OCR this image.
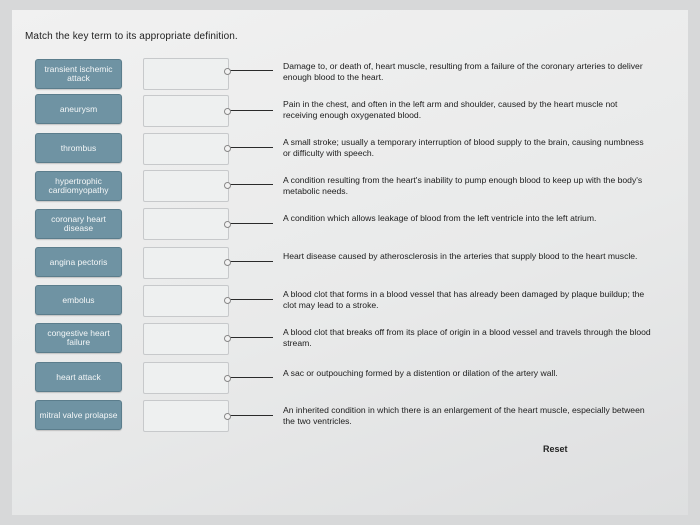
Match the key term to its appropriate definition.
transient ischemic attack
aneurysm
thrombus
hypertrophic cardiomyopathy
coronary heart disease
angina pectoris
embolus
congestive heart failure
heart attack
mitral valve prolapse
Damage to, or death of, heart muscle, resulting from a failure of the coronary arteries to deliver enough blood to the heart.
Pain in the chest, and often in the left arm and shoulder, caused by the heart muscle not receiving enough oxygenated blood.
A small stroke; usually a temporary interruption of blood supply to the brain, causing numbness or difficulty with speech.
A condition resulting from the heart's inability to pump enough blood to keep up with the body's metabolic needs.
A condition which allows leakage of blood from the left ventricle into the left atrium.
Heart disease caused by atherosclerosis in the arteries that supply blood to the heart muscle.
A blood clot that forms in a blood vessel that has already been damaged by plaque buildup; the clot may lead to a stroke.
A blood clot that breaks off from its place of origin in a blood vessel and travels through the blood stream.
A sac or outpouching formed by a distention or dilation of the artery wall.
An inherited condition in which there is an enlargement of the heart muscle, especially between the two ventricles.
Reset
